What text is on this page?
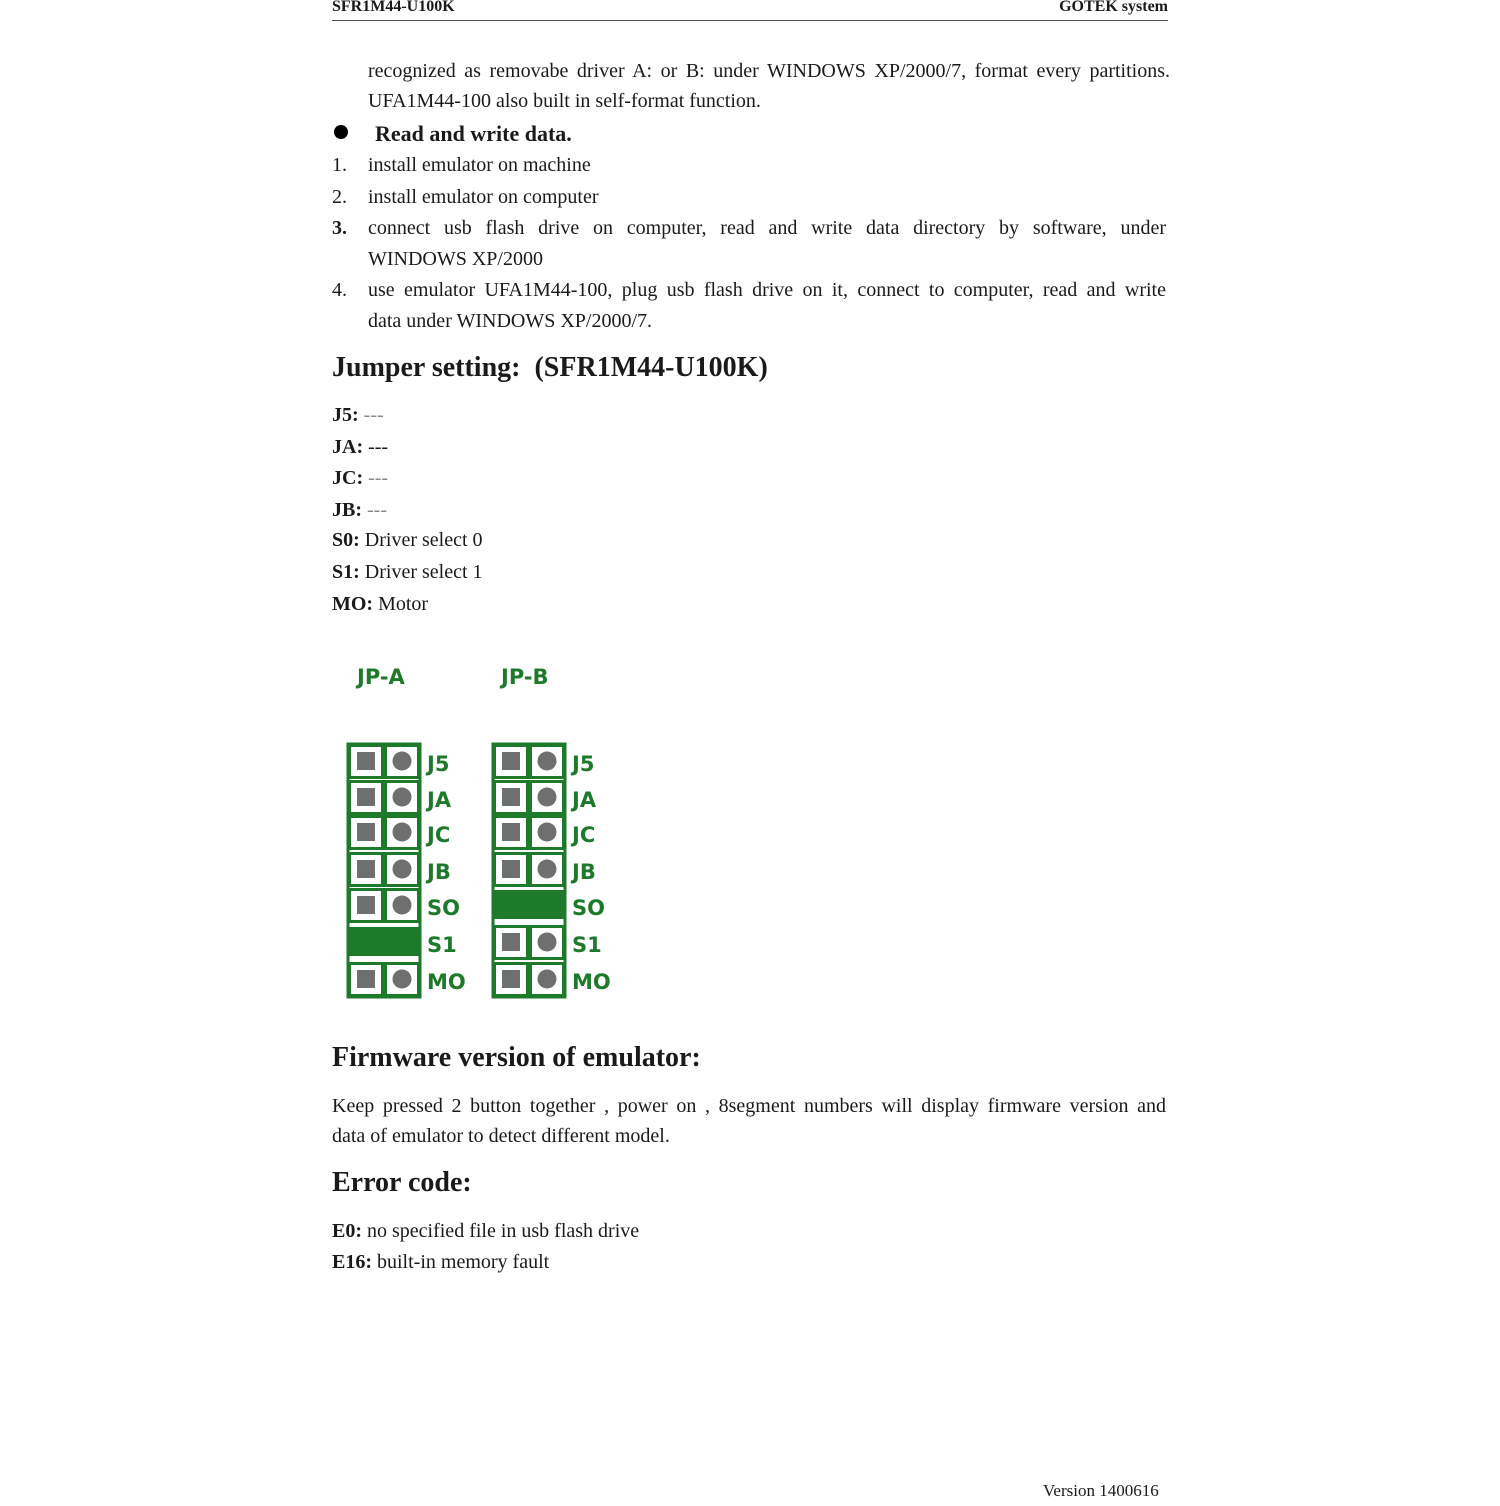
SFR1M44-U100K	GOTEK system
recognized as removabe driver A: or B: under WINDOWS XP/2000/7, format every partitions.
UFA1M44-100 also built in self-format function.
Read and write data.
1. install emulator on machine
2. install emulator on computer
3. connect usb flash drive on computer, read and write data directory by software, under
WINDOWS XP/2000
4. use emulator UFA1M44-100, plug usb flash drive on it, connect to computer, read and write
data under WINDOWS XP/2000/7.
Jumper setting:  (SFR1M44-U100K)
J5: ---
JA: ---
JC: ---
JB: ---
S0: Driver select 0
S1: Driver select 1
MO: Motor
JP-A	JP-B
J5
JA
JC
JB
SO
S1
MO
J5
JA
JC
JB
SO
S1
MO
Firmware version of emulator:
Keep pressed 2 button together , power on , 8segment numbers will display firmware version and
data of emulator to detect different model.
Error code:
E0: no specified file in usb flash drive
E16: built-in memory fault
Version 1400616
